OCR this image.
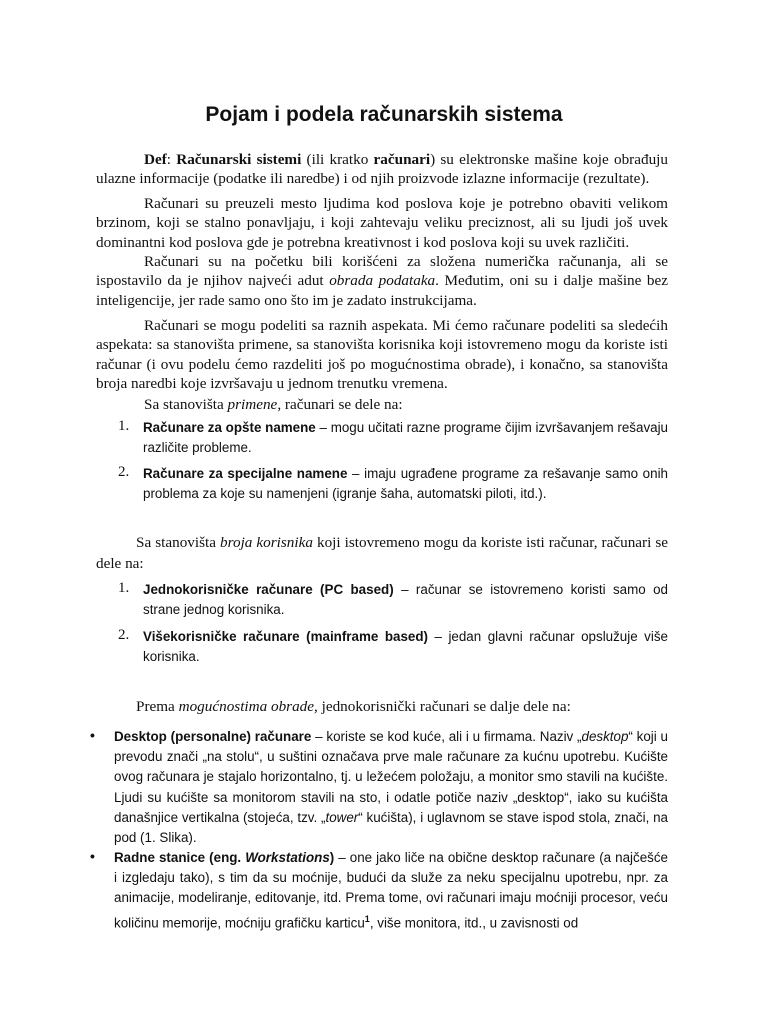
Pojam i podela računarskih sistema

Def: Računarski sistemi (ili kratko računari) su elektronske mašine koje obrađuju ulazne informacije (podatke ili naredbe) i od njih proizvode izlazne informacije (rezultate).

Računari su preuzeli mesto ljudima kod poslova koje je potrebno obaviti velikom brzinom, koji se stalno ponavljaju, i koji zahtevaju veliku preciznost, ali su ljudi još uvek dominantni kod poslova gde je potrebna kreativnost i kod poslova koji su uvek različiti.

Računari su na početku bili korišćeni za složena numerička računanja, ali se ispostavilo da je njihov najveći adut obrada podataka. Međutim, oni su i dalje mašine bez inteligencije, jer rade samo ono što im je zadato instrukcijama.

Računari se mogu podeliti sa raznih aspekata. Mi ćemo računare podeliti sa sledećih aspekata: sa stanovišta primene, sa stanovišta korisnika koji istovremeno mogu da koriste isti računar (i ovu podelu ćemo razdeliti još po mogućnostima obrade), i konačno, sa stanovišta broja naredbi koje izvršavaju u jednom trenutku vremena.

Sa stanovišta primene, računari se dele na:

1. Računare za opšte namene – mogu učitati razne programe čijim izvršavanjem rešavaju različite probleme.

2. Računare za specijalne namene – imaju ugrađene programe za rešavanje samo onih problema za koje su namenjeni (igranje šaha, automatski piloti, itd.).

Sa stanovišta broja korisnika koji istovremeno mogu da koriste isti računar, računari se dele na:

1. Jednokorisničke računare (PC based) – računar se istovremeno koristi samo od strane jednog korisnika.

2. Višekorisničke računare (mainframe based) – jedan glavni računar opslužuje više korisnika.

Prema mogućnostima obrade, jednokorisnički računari se dalje dele na:

• Desktop (personalne) računare – koriste se kod kuće, ali i u firmama. Naziv „desktop“ koji u prevodu znači „na stolu“, u suštini označava prve male računare za kućnu upotrebu. Kućište ovog računara je stajalo horizontalno, tj. u ležećem položaju, a monitor smo stavili na kućište. Ljudi su kućište sa monitorom stavili na sto, i odatle potiče naziv „desktop“, iako su kućišta današnjice vertikalna (stojeća, tzv. „tower“ kućišta), i uglavnom se stave ispod stola, znači, na pod (1. Slika).

• Radne stanice (eng. Workstations) – one jako liče na obične desktop računare (a najčešće i izgledaju tako), s tim da su moćnije, budući da služe za neku specijalnu upotrebu, npr. za animacije, modeliranje, editovanje, itd. Prema tome, ovi računari imaju moćniji procesor, veću količinu memorije, moćniju grafičku karticu$^1$, više monitora, itd., u zavisnosti od
